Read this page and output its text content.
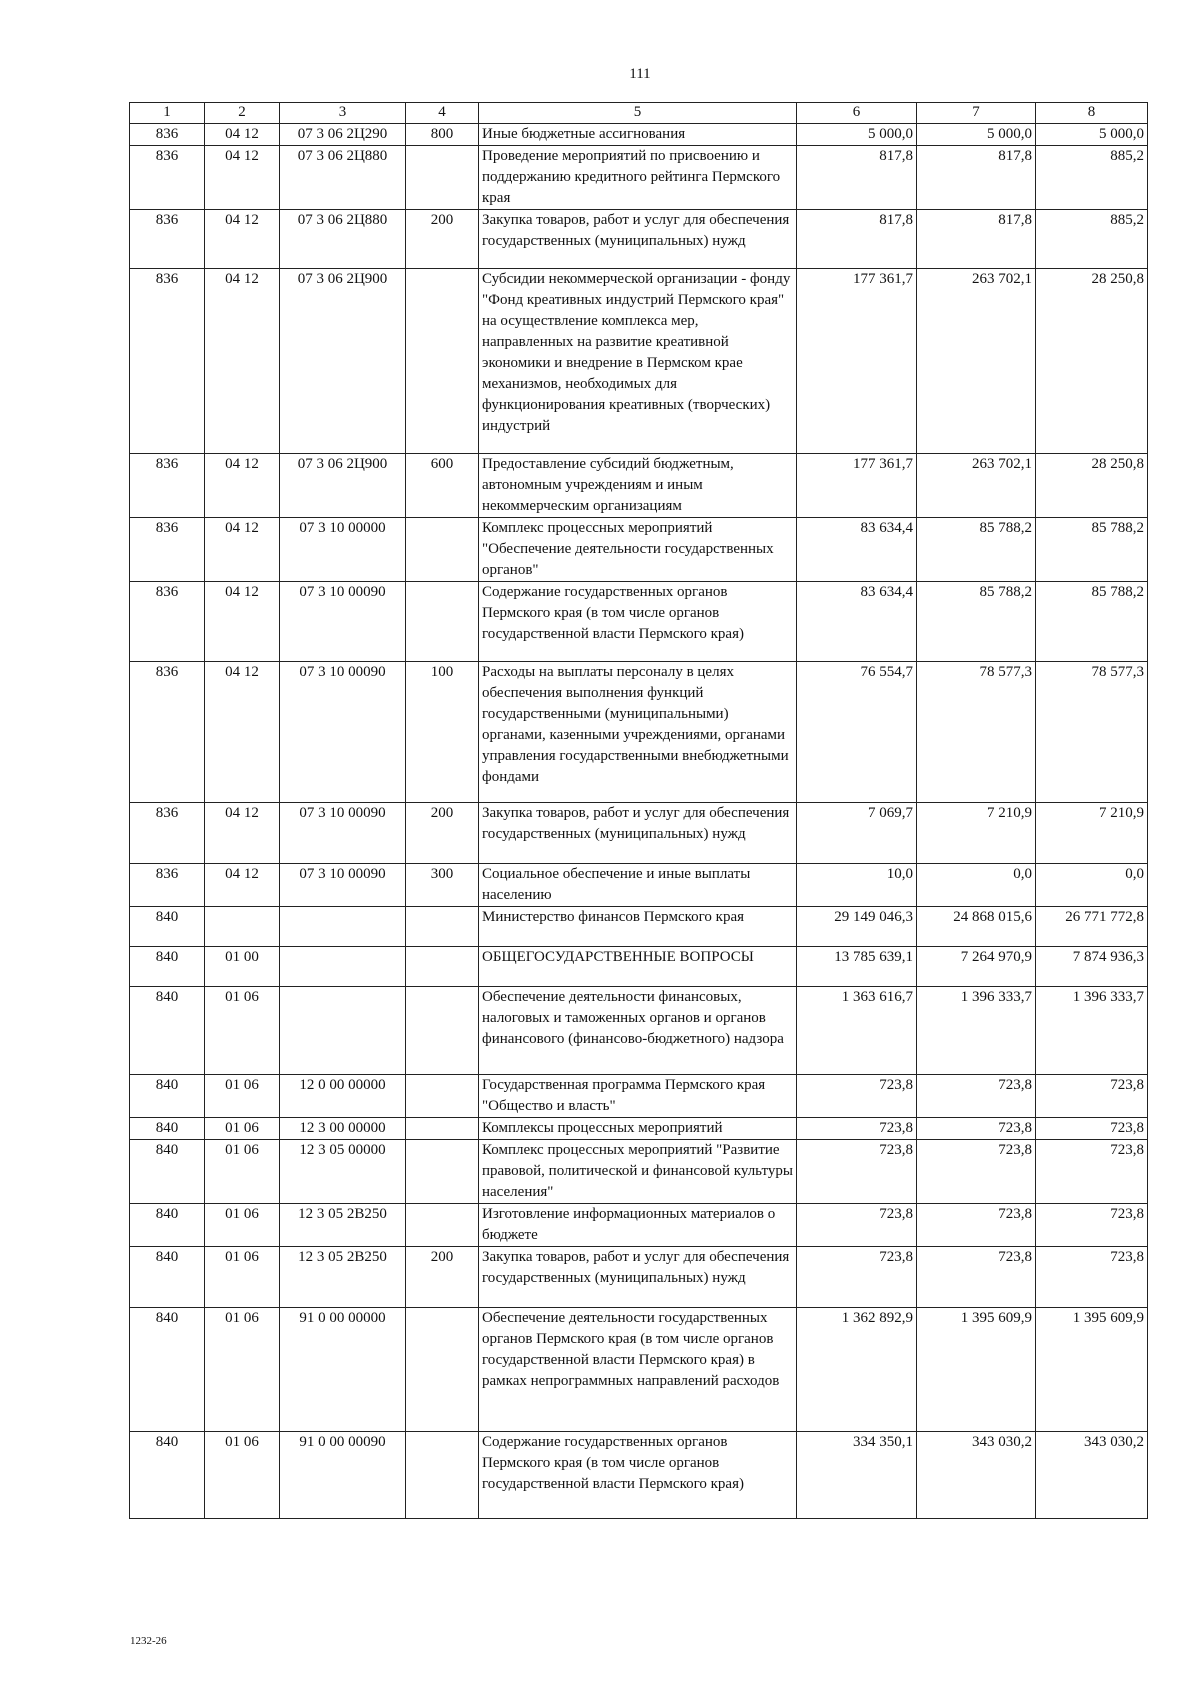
111
1	2	3	4	5	6	7	8
836	04 12	07 3 06 2Ц290	800	Иные бюджетные ассигнования	5 000,0	5 000,0	5 000,0
836	04 12	07 3 06 2Ц880		Проведение мероприятий по присвоению и поддержанию кредитного рейтинга Пермского края	817,8	817,8	885,2
836	04 12	07 3 06 2Ц880	200	Закупка товаров, работ и услуг для обеспечения государственных (муниципальных) нужд	817,8	817,8	885,2
836	04 12	07 3 06 2Ц900		Субсидии некоммерческой организации - фонду "Фонд креативных индустрий Пермского края" на осуществление комплекса мер, направленных на развитие креативной экономики и внедрение в Пермском крае механизмов, необходимых для функционирования креативных (творческих) индустрий	177 361,7	263 702,1	28 250,8
836	04 12	07 3 06 2Ц900	600	Предоставление субсидий бюджетным, автономным учреждениям и иным некоммерческим организациям	177 361,7	263 702,1	28 250,8
836	04 12	07 3 10 00000		Комплекс процессных мероприятий "Обеспечение деятельности государственных органов"	83 634,4	85 788,2	85 788,2
836	04 12	07 3 10 00090		Содержание государственных органов Пермского края (в том числе органов государственной власти Пермского края)	83 634,4	85 788,2	85 788,2
836	04 12	07 3 10 00090	100	Расходы на выплаты персоналу в целях обеспечения выполнения функций государственными (муниципальными) органами, казенными учреждениями, органами управления государственными внебюджетными фондами	76 554,7	78 577,3	78 577,3
836	04 12	07 3 10 00090	200	Закупка товаров, работ и услуг для обеспечения государственных (муниципальных) нужд	7 069,7	7 210,9	7 210,9
836	04 12	07 3 10 00090	300	Социальное обеспечение и иные выплаты населению	10,0	0,0	0,0
840				Министерство финансов Пермского края	29 149 046,3	24 868 015,6	26 771 772,8
840	01 00			ОБЩЕГОСУДАРСТВЕННЫЕ ВОПРОСЫ	13 785 639,1	7 264 970,9	7 874 936,3
840	01 06			Обеспечение деятельности финансовых, налоговых и таможенных органов и органов финансового (финансово-бюджетного) надзора	1 363 616,7	1 396 333,7	1 396 333,7
840	01 06	12 0 00 00000		Государственная программа Пермского края "Общество и власть"	723,8	723,8	723,8
840	01 06	12 3 00 00000		Комплексы процессных мероприятий	723,8	723,8	723,8
840	01 06	12 3 05 00000		Комплекс процессных мероприятий "Развитие правовой, политической и финансовой культуры населения"	723,8	723,8	723,8
840	01 06	12 3 05 2В250		Изготовление информационных материалов о бюджете	723,8	723,8	723,8
840	01 06	12 3 05 2В250	200	Закупка товаров, работ и услуг для обеспечения государственных (муниципальных) нужд	723,8	723,8	723,8
840	01 06	91 0 00 00000		Обеспечение деятельности государственных органов Пермского края (в том числе органов государственной власти Пермского края) в рамках непрограммных направлений расходов	1 362 892,9	1 395 609,9	1 395 609,9
840	01 06	91 0 00 00090		Содержание государственных органов Пермского края (в том числе органов государственной власти Пермского края)	334 350,1	343 030,2	343 030,2
1232-26
